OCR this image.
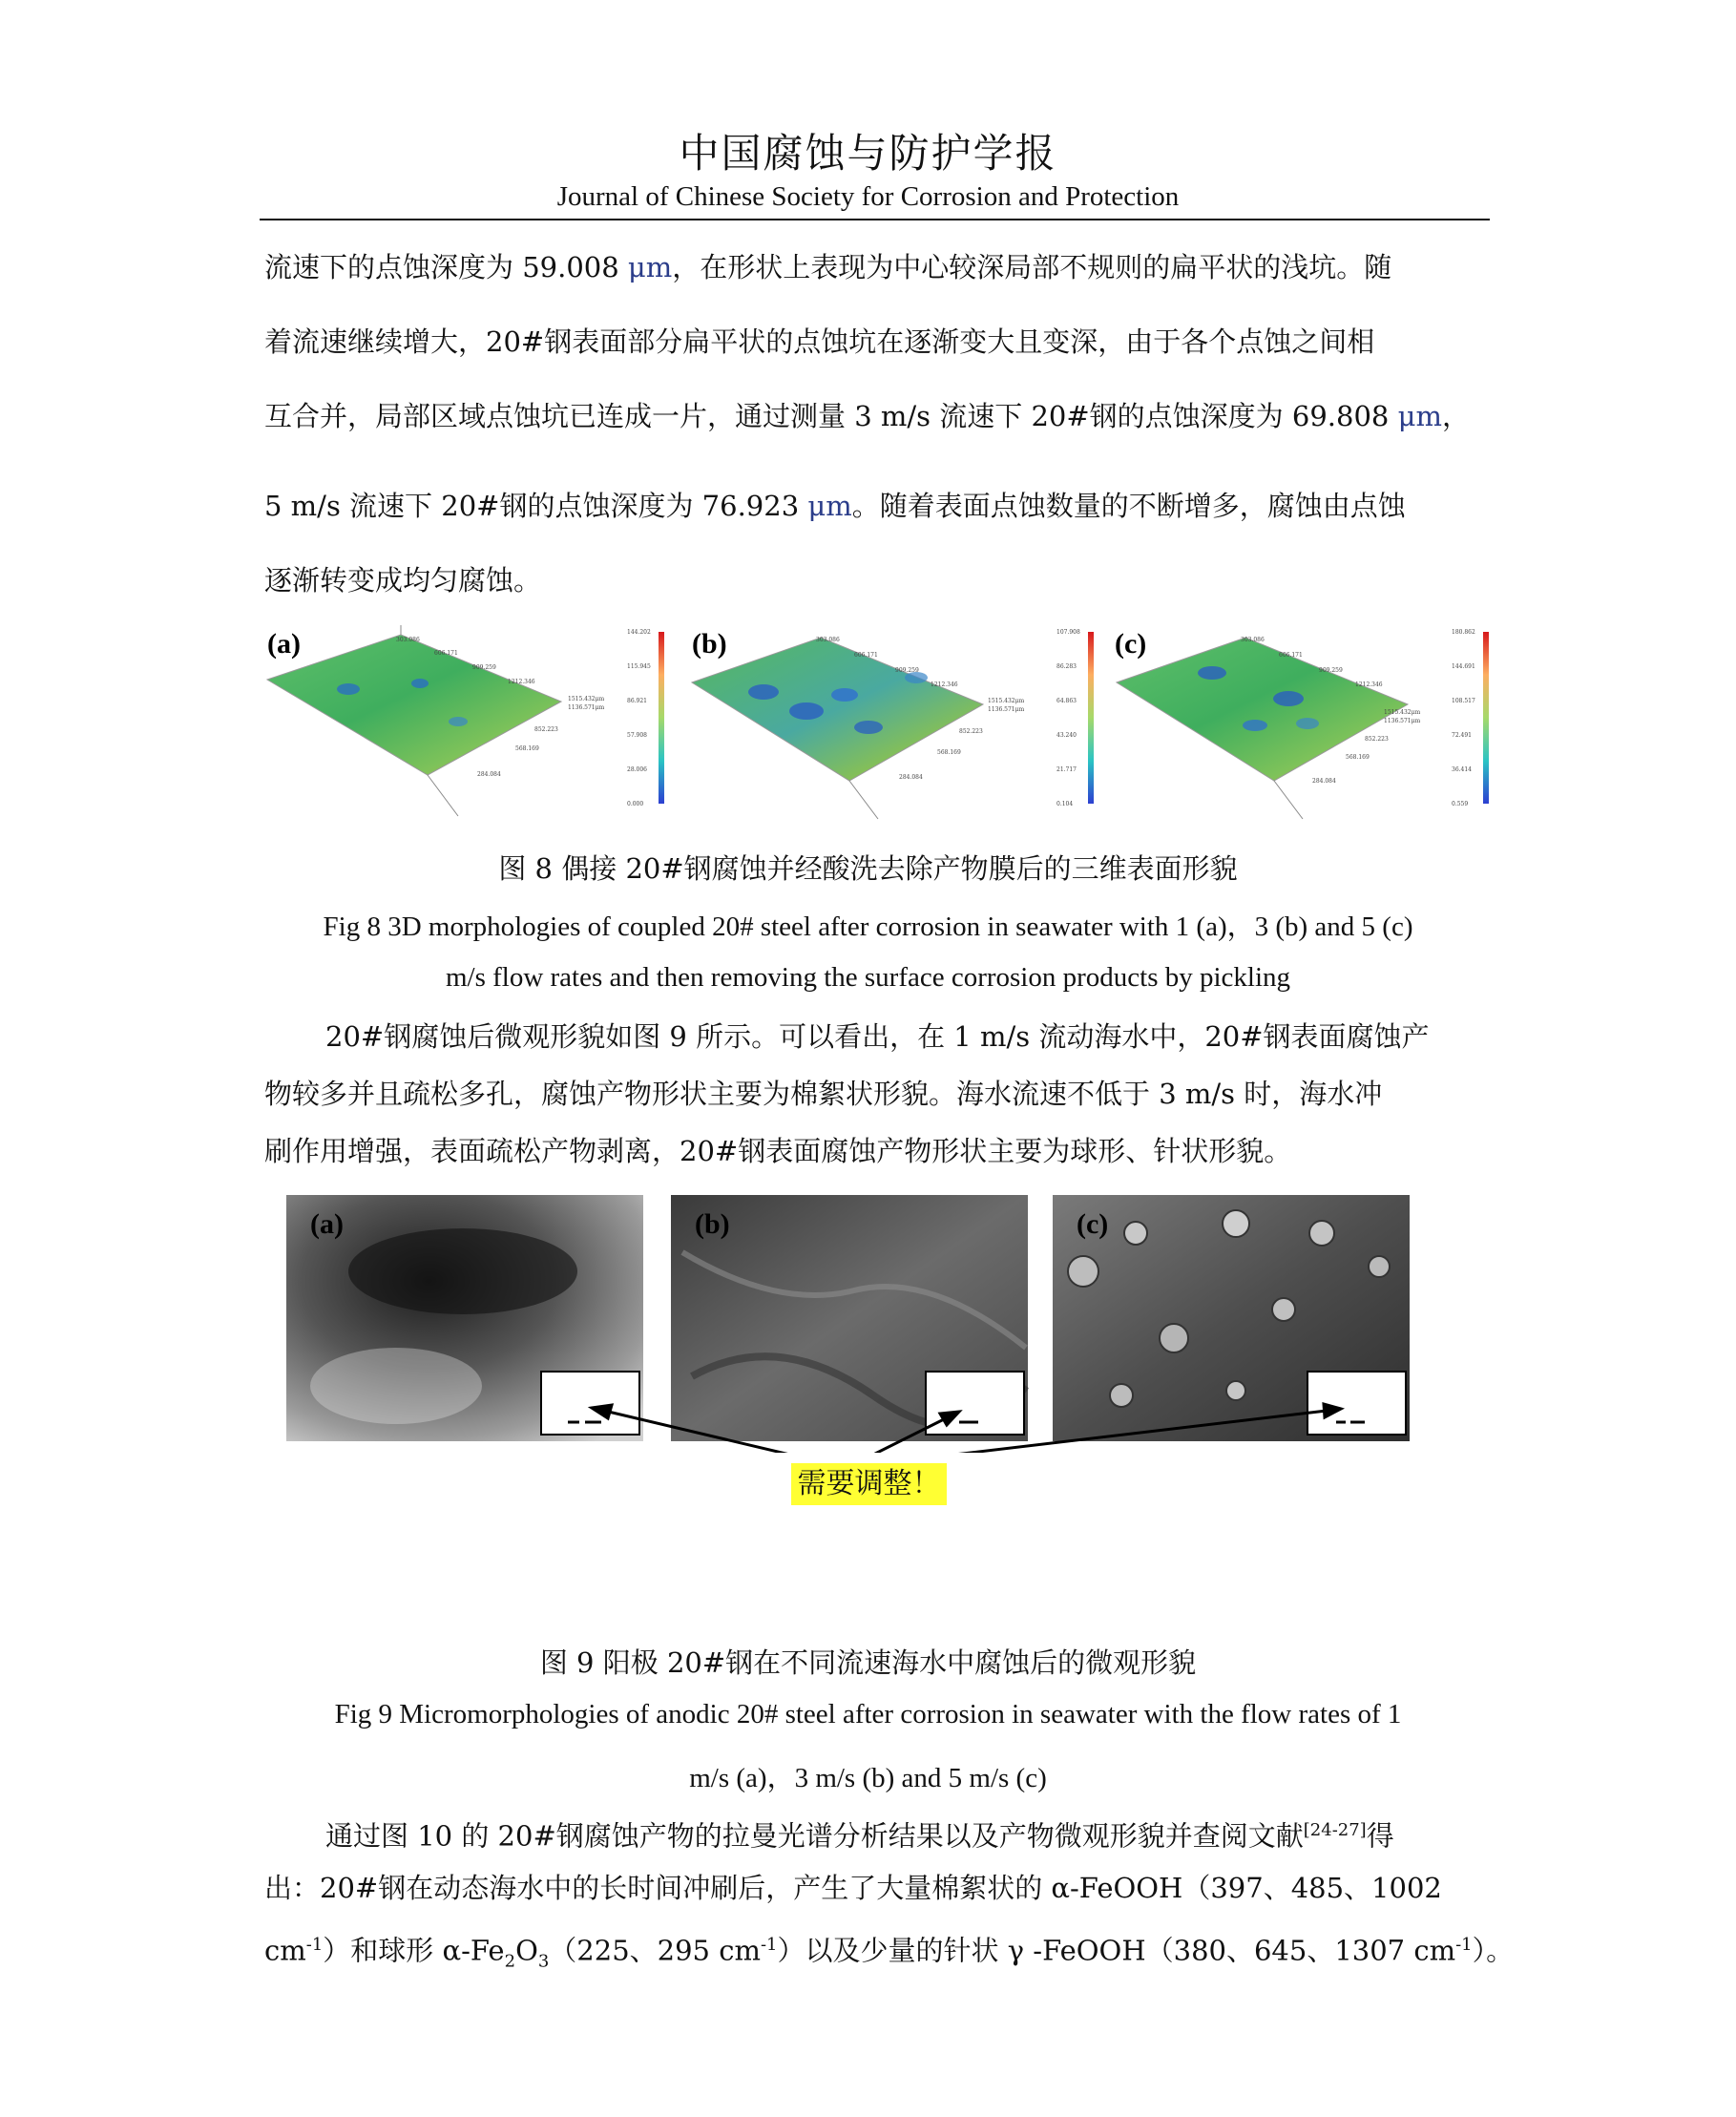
中国腐蚀与防护学报
Journal of Chinese Society for Corrosion and Protection
流速下的点蚀深度为 59.008 μm，在形状上表现为中心较深局部不规则的扁平状的浅坑。随
着流速继续增大，20#钢表面部分扁平状的点蚀坑在逐渐变大且变深，由于各个点蚀之间相
互合并，局部区域点蚀坑已连成一片，通过测量 3 m/s 流速下 20#钢的点蚀深度为 69.808 μm，
5 m/s 流速下 20#钢的点蚀深度为 76.923 μm。随着表面点蚀数量的不断增多，腐蚀由点蚀
逐渐转变成均匀腐蚀。
(a)	303.086
606.171
909.259
1212.346
1515.432μm
1136.571μm
852.223
568.169
284.084
144.202
115.945
86.921
57.908
28.006
0.000
(b)	303.086
606.171
909.259
1212.346
1515.432μm
1136.571μm
852.223
568.169
284.084
107.908
86.283
64.863
43.240
21.717
0.104
(c)	303.086
606.171
909.259
1212.346
1515.432μm
1136.571μm
852.223
568.169
284.084
180.862
144.691
108.517
72.491
36.414
0.559
图 8 偶接 20#钢腐蚀并经酸洗去除产物膜后的三维表面形貌
Fig 8 3D morphologies of coupled 20# steel after corrosion in seawater with 1 (a)，3 (b) and 5 (c)
m/s flow rates and then removing the surface corrosion products by pickling
20#钢腐蚀后微观形貌如图 9 所示。可以看出，在 1 m/s 流动海水中，20#钢表面腐蚀产
物较多并且疏松多孔，腐蚀产物形状主要为棉絮状形貌。海水流速不低于 3 m/s 时，海水冲
刷作用增强，表面疏松产物剥离，20#钢表面腐蚀产物形状主要为球形、针状形貌。
(a)	(b)	(c)
需要调整！
图 9 阳极 20#钢在不同流速海水中腐蚀后的微观形貌
Fig 9 Micromorphologies of anodic 20# steel after corrosion in seawater with the flow rates of 1
m/s (a)，3 m/s (b) and 5 m/s (c)
通过图 10 的 20#钢腐蚀产物的拉曼光谱分析结果以及产物微观形貌并查阅文献[24-27]得
出：20#钢在动态海水中的长时间冲刷后，产生了大量棉絮状的 α-FeOOH（397、485、1002
$cm^{-1}$）和球形 $\alpha-Fe_2O_3(225$、295 $cm^{-1}$）以及少量的针状 γ -FeOOH（380、645、1307 $cm^{-1}$）。
